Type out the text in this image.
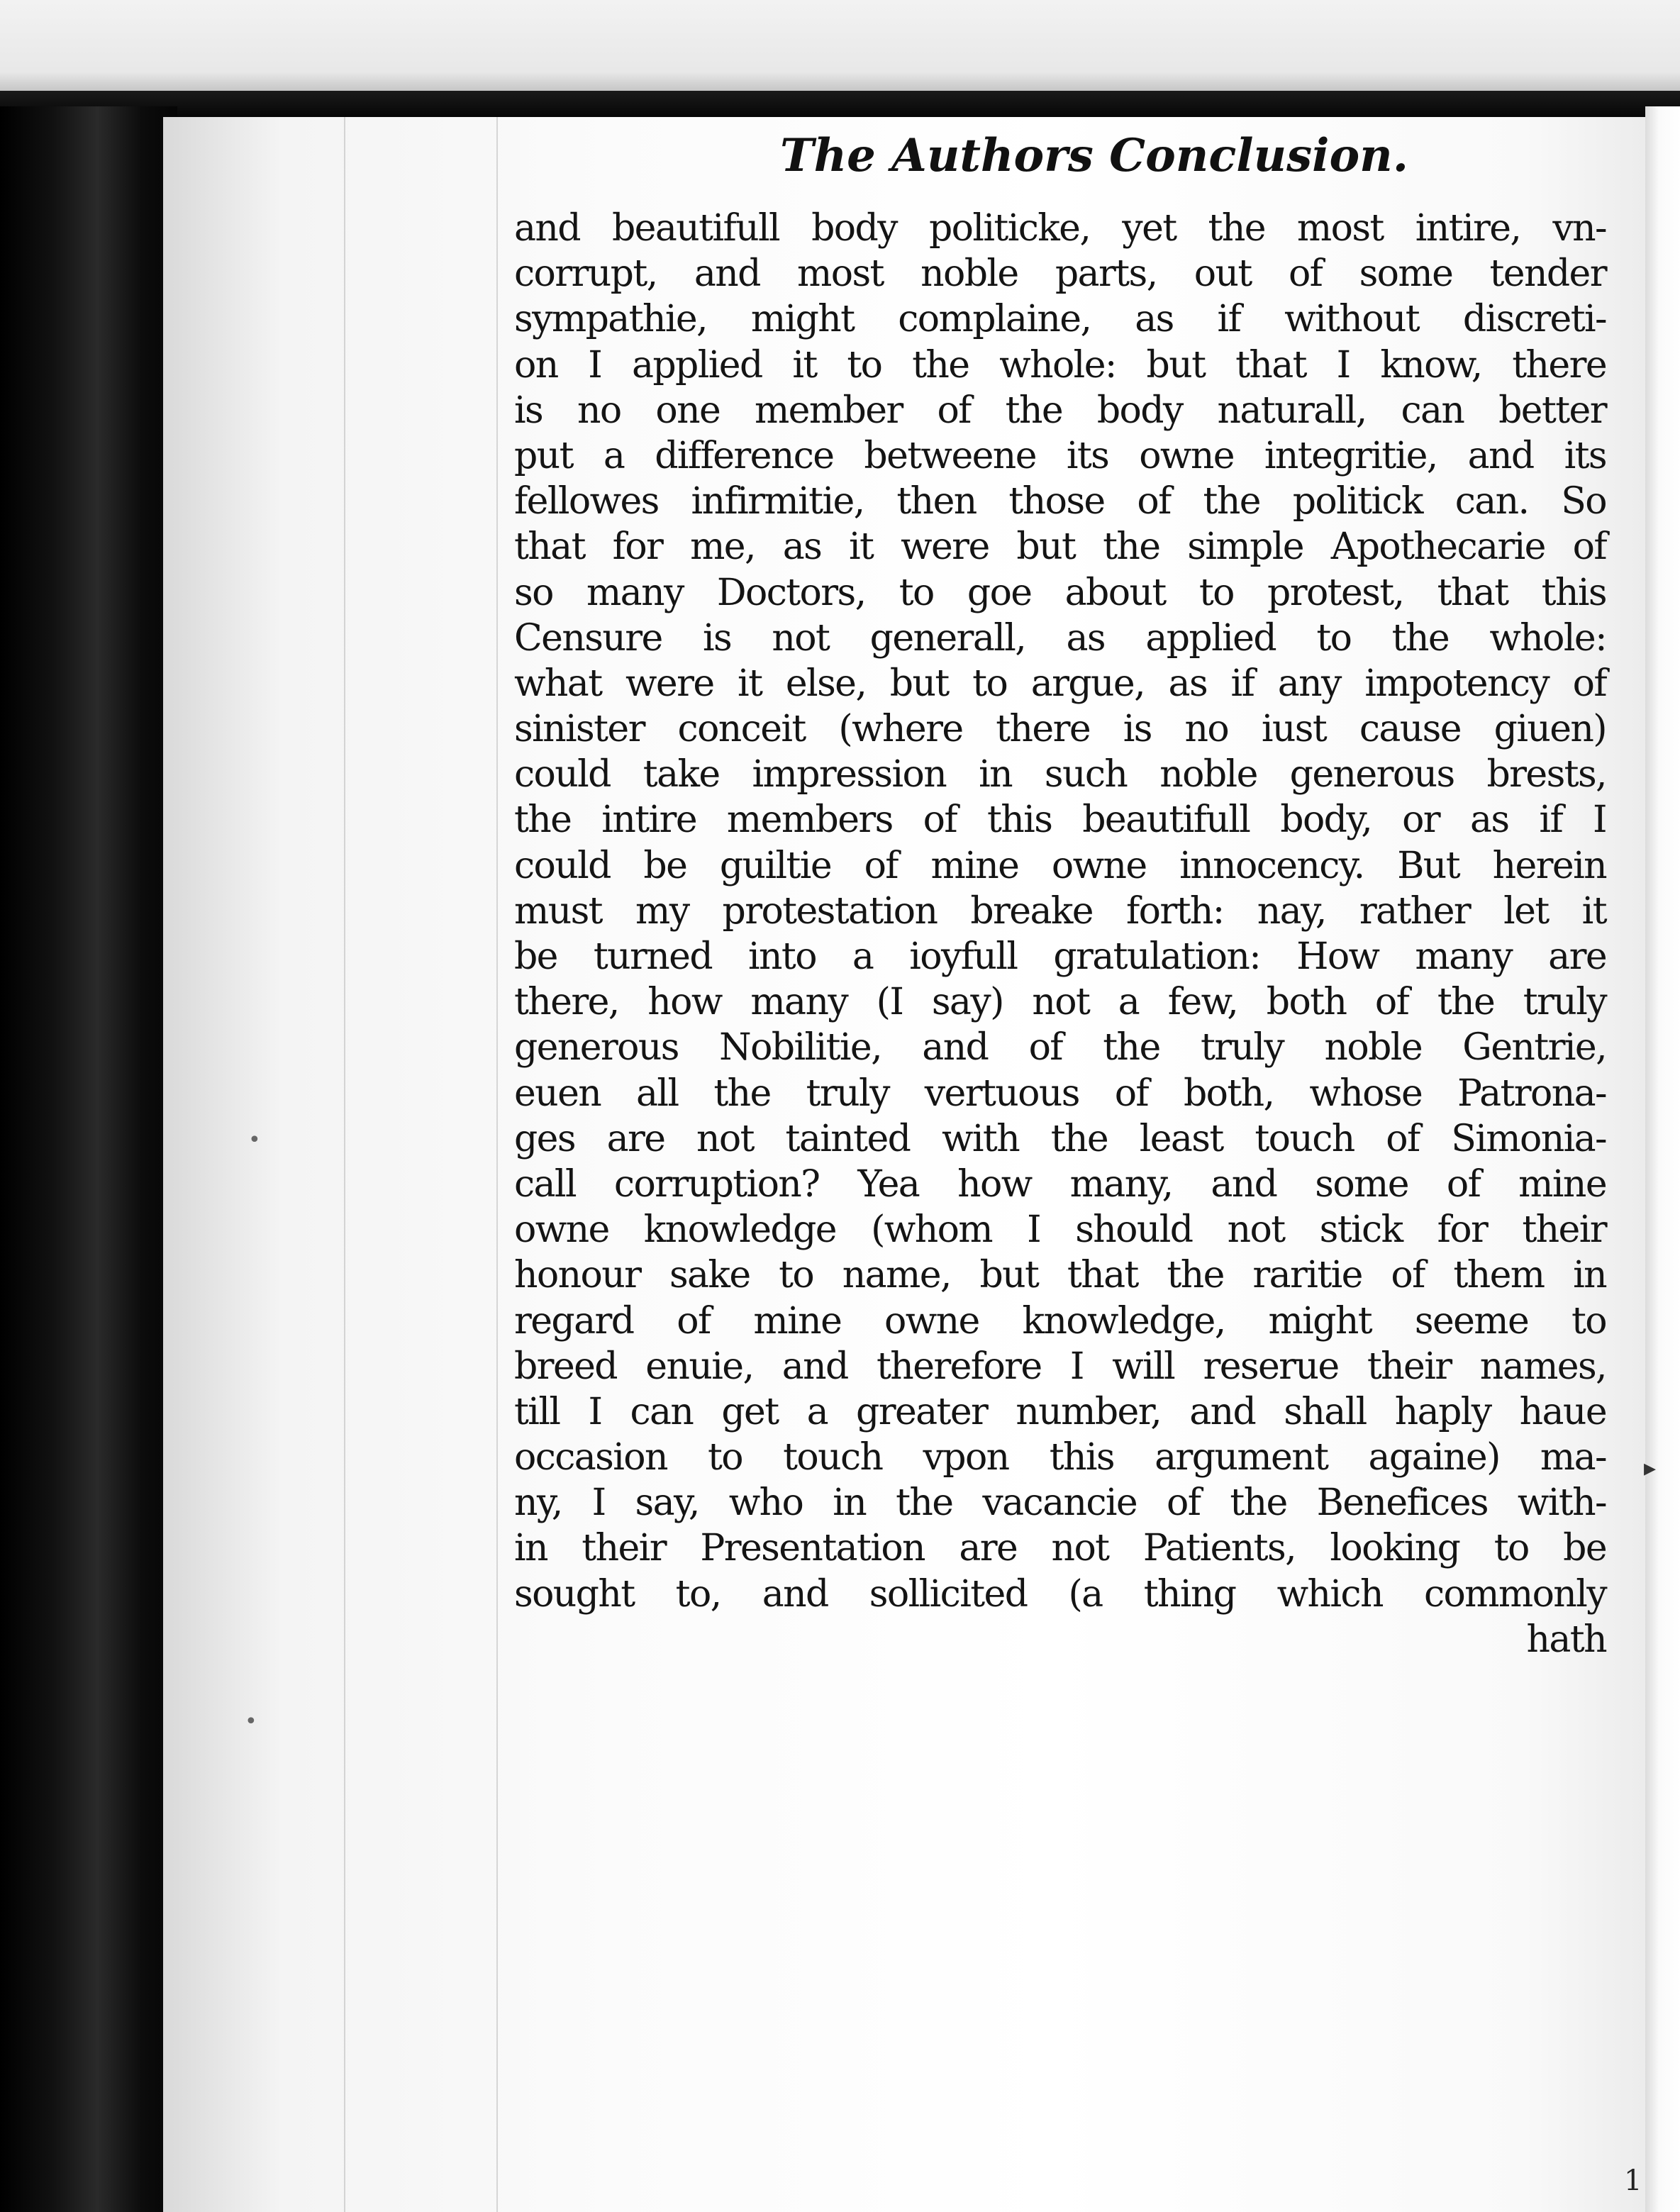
The Authors Conclusion.
and beautifull body politicke, yet the most intire, vn-
corrupt, and most noble parts, out of some tender
sympathie, might complaine, as if without discreti-
on I applied it to the whole: but that I know, there
is no one member of the body naturall, can better
put a difference betweene its owne integritie, and its
fellowes infirmitie, then those of the politick can. So
that for me, as it were but the simple Apothecarie of
so many Doctors, to goe about to protest, that this
Censure is not generall, as applied to the whole:
what were it else, but to argue, as if any impotency of
sinister conceit (where there is no iust cause giuen)
could take impression in such noble generous brests,
the intire members of this beautifull body, or as if I
could be guiltie of mine owne innocency. But herein
must my protestation breake forth: nay, rather let it
be turned into a ioyfull gratulation: How many are
there, how many (I say) not a few, both of the truly
generous Nobilitie, and of the truly noble Gentrie,
euen all the truly vertuous of both, whose Patrona-
ges are not tainted with the least touch of Simonia-
call corruption? Yea how many, and some of mine
owne knowledge (whom I should not stick for their
honour sake to name, but that the raritie of them in
regard of mine owne knowledge, might seeme to
breed enuie, and therefore I will reserue their names,
till I can get a greater number, and shall haply haue
occasion to touch vpon this argument againe) ma-
ny, I say, who in the vacancie of the Benefices with-
in their Presentation are not Patients, looking to be
sought to, and sollicited (a thing which commonly
hath
•
•
▸
1
